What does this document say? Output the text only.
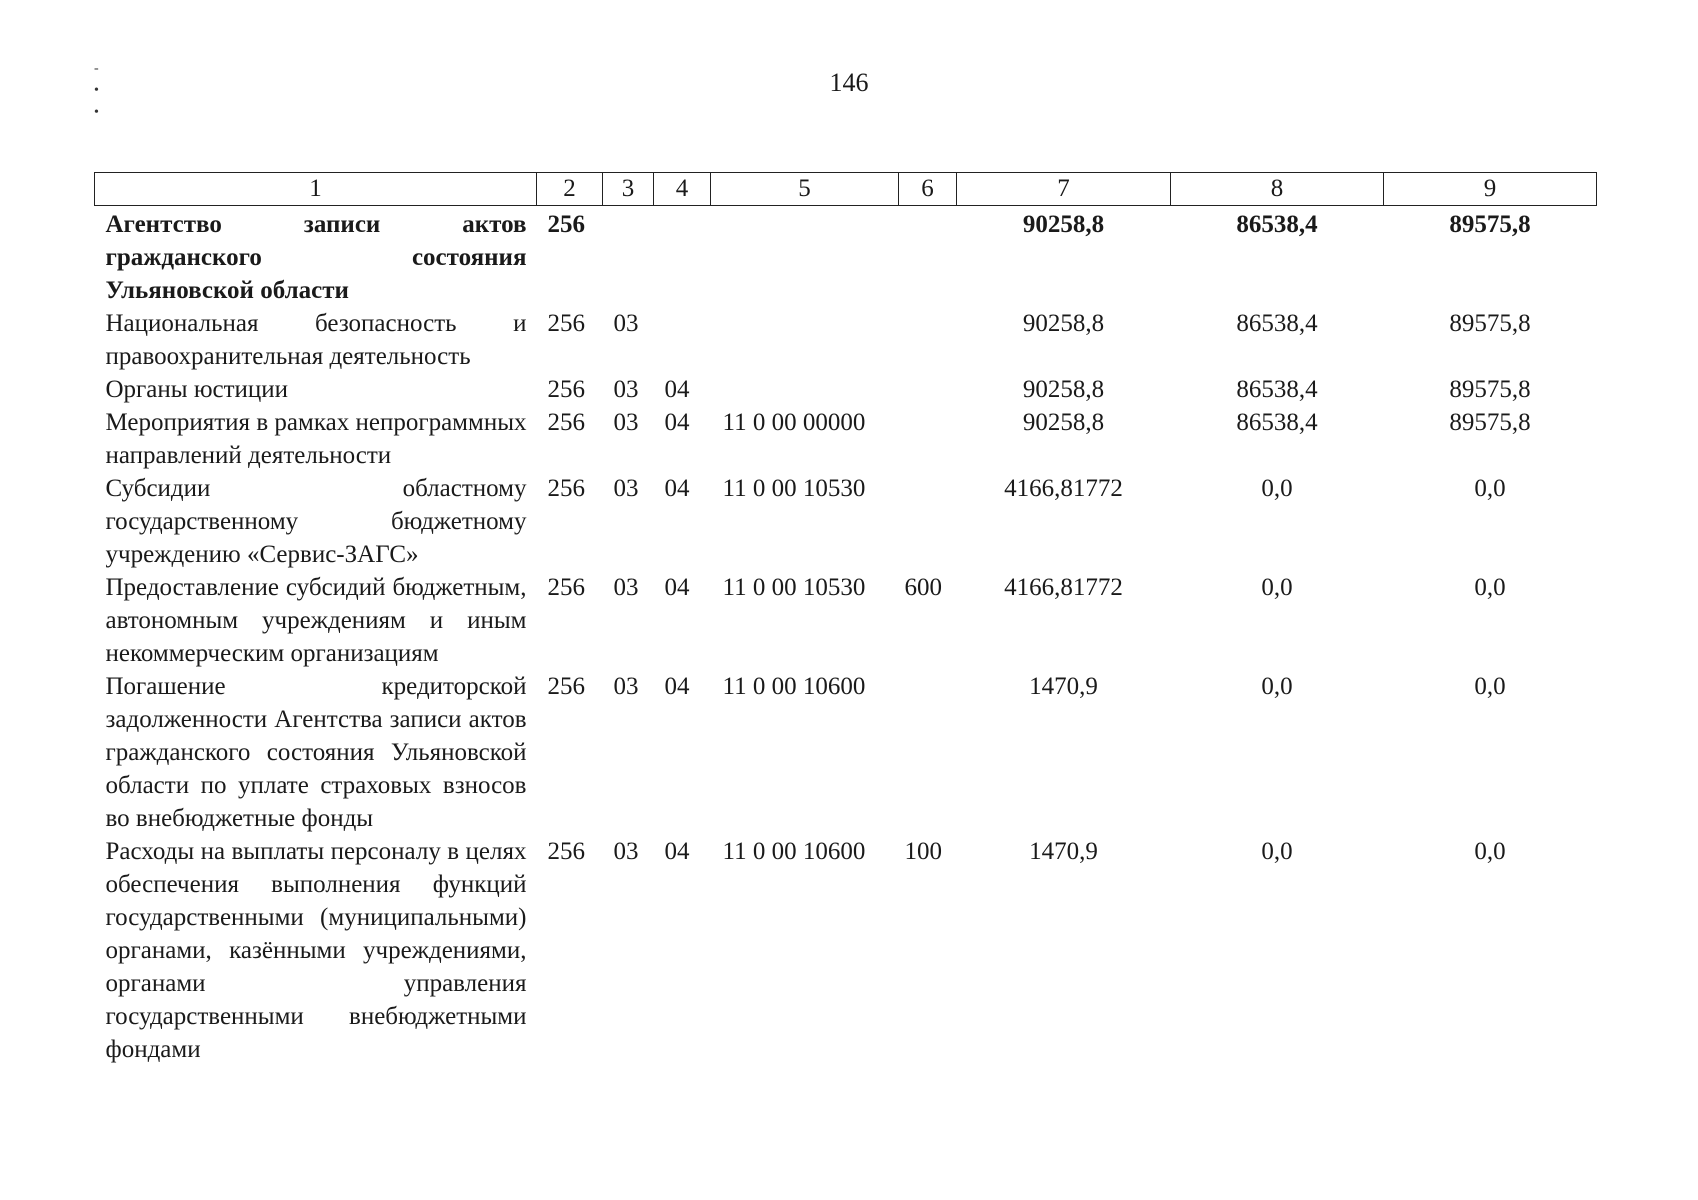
146
-
•
•
1	2	3	4	5	6	7	8	9
Агентство записи актов гражданского состояния Ульяновской области	256					90258,8	86538,4	89575,8
Национальная безопасность и правоохранительная деятельность	256	03				90258,8	86538,4	89575,8
Органы юстиции	256	03	04			90258,8	86538,4	89575,8
Мероприятия в рамках непрограммных направлений деятельности	256	03	04	11 0 00 00000		90258,8	86538,4	89575,8
Субсидии областному государственному бюджетному учреждению «Сервис-ЗАГС»	256	03	04	11 0 00 10530		4166,81772	0,0	0,0
Предоставление субсидий бюджетным, автономным учреждениям и иным некоммерческим организациям	256	03	04	11 0 00 10530	600	4166,81772	0,0	0,0
Погашение кредиторской задолженности Агентства записи актов гражданского состояния Ульяновской области по уплате страховых взносов во внебюджетные фонды	256	03	04	11 0 00 10600		1470,9	0,0	0,0
Расходы на выплаты персоналу в целях обеспечения выполнения функций государственными (муниципальными) органами, казёнными учреждениями, органами управления государственными внебюджетными фондами	256	03	04	11 0 00 10600	100	1470,9	0,0	0,0
